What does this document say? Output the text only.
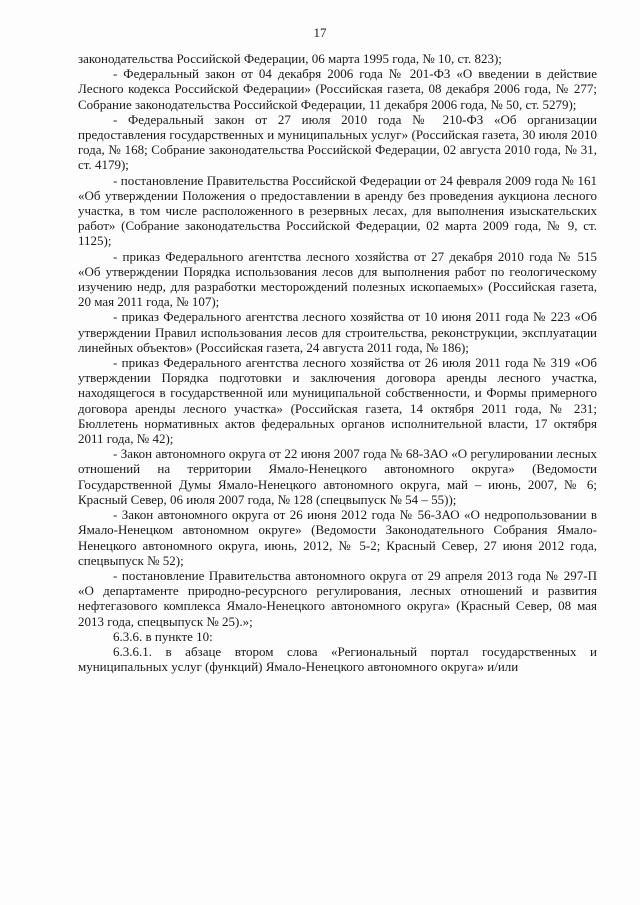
17

законодательства Российской Федерации, 06 марта 1995 года, № 10, ст. 823);

- Федеральный закон от 04 декабря 2006 года № 201-ФЗ «О введении в действие Лесного кодекса Российской Федерации» (Российская газета, 08 декабря 2006 года, № 277; Собрание законодательства Российской Федерации, 11 декабря 2006 года, № 50, ст. 5279);

- Федеральный закон от 27 июля 2010 года № 210-ФЗ «Об организации предоставления государственных и муниципальных услуг» (Российская газета, 30 июля 2010 года, № 168; Собрание законодательства Российской Федерации, 02 августа 2010 года, № 31, ст. 4179);

- постановление Правительства Российской Федерации от 24 февраля 2009 года № 161 «Об утверждении Положения о предоставлении в аренду без проведения аукциона лесного участка, в том числе расположенного в резервных лесах, для выполнения изыскательских работ» (Собрание законодательства Российской Федерации, 02 марта 2009 года, № 9, ст. 1125);

- приказ Федерального агентства лесного хозяйства от 27 декабря 2010 года № 515 «Об утверждении Порядка использования лесов для выполнения работ по геологическому изучению недр, для разработки месторождений полезных ископаемых» (Российская газета, 20 мая 2011 года, № 107);

- приказ Федерального агентства лесного хозяйства от 10 июня 2011 года № 223 «Об утверждении Правил использования лесов для строительства, реконструкции, эксплуатации линейных объектов» (Российская газета, 24 августа 2011 года, № 186);

- приказ Федерального агентства лесного хозяйства от 26 июля 2011 года № 319 «Об утверждении Порядка подготовки и заключения договора аренды лесного участка, находящегося в государственной или муниципальной собственности, и Формы примерного договора аренды лесного участка» (Российская газета, 14 октября 2011 года, № 231; Бюллетень нормативных актов федеральных органов исполнительной власти, 17 октября 2011 года, № 42);

- Закон автономного округа от 22 июня 2007 года № 68-ЗАО «О регулировании лесных отношений на территории Ямало-Ненецкого автономного округа» (Ведомости Государственной Думы Ямало-Ненецкого автономного округа, май – июнь, 2007, № 6; Красный Север, 06 июля 2007 года, № 128 (спецвыпуск № 54 – 55));

- Закон автономного округа от 26 июня 2012 года № 56-ЗАО «О недропользовании в Ямало-Ненецком автономном округе» (Ведомости Законодательного Собрания Ямало-Ненецкого автономного округа, июнь, 2012, № 5-2; Красный Север, 27 июня 2012 года, спецвыпуск № 52);

- постановление Правительства автономного округа от 29 апреля 2013 года № 297-П «О департаменте природно-ресурсного регулирования, лесных отношений и развития нефтегазового комплекса Ямало-Ненецкого автономного округа» (Красный Север, 08 мая 2013 года, спецвыпуск № 25).»;

6.3.6. в пункте 10:

6.3.6.1. в абзаце втором слова «Региональный портал государственных и муниципальных услуг (функций) Ямало-Ненецкого автономного округа» и/или
